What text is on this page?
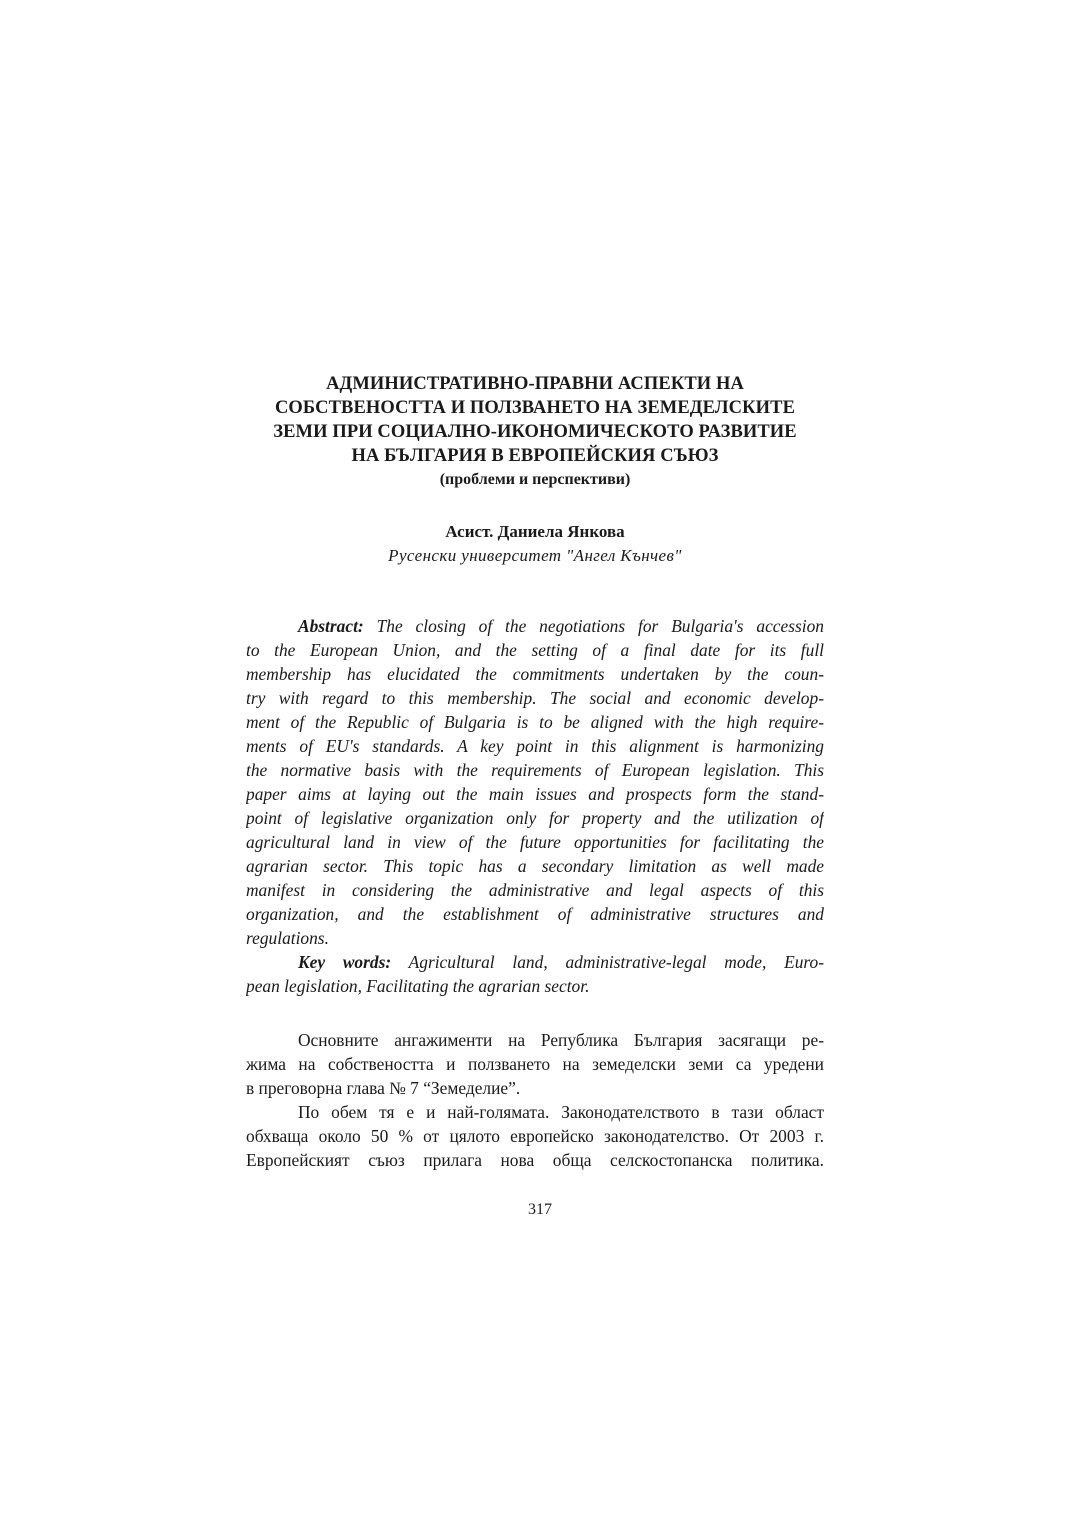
АДМИНИСТРАТИВНО-ПРАВНИ АСПЕКТИ НА
СОБСТВЕНОСТТА И ПОЛЗВАНЕТО НА ЗЕМЕДЕЛСКИТЕ
ЗЕМИ ПРИ СОЦИАЛНО-ИКОНОМИЧЕСКОТО РАЗВИТИЕ
НА БЪЛГАРИЯ В ЕВРОПЕЙСКИЯ СЪЮЗ
(проблеми и перспективи)
Асист. Даниела Янкова
Русенски университет "Ангел Кънчев"
Abstract: The closing of the negotiations for Bulgaria's accession
to the European Union, and the setting of a final date for its full
membership has elucidated the commitments undertaken by the coun-
try with regard to this membership. The social and economic develop-
ment of the Republic of Bulgaria is to be aligned with the high require-
ments of EU's standards. A key point in this alignment is harmonizing
the normative basis with the requirements of European legislation. This
paper aims at laying out the main issues and prospects form the stand-
point of legislative organization only for property and the utilization of
agricultural land in view of the future opportunities for facilitating the
agrarian sector. This topic has a secondary limitation as well made
manifest in considering the administrative and legal aspects of this
organization, and the establishment of administrative structures and
regulations.
Key words: Agricultural land, administrative-legal mode, Euro-
pean legislation, Facilitating the agrarian sector.
Основните ангажименти на Република България засягащи ре-
жима на собствеността и ползването на земеделски земи са уредени
в преговорна глава № 7 “Земеделие”.
По обем тя е и най-голямата. Законодателството в тази област
обхваща около 50 % от цялото европейско законодателство. От 2003 г.
Европейският съюз прилага нова обща селскостопанска политика.
317
